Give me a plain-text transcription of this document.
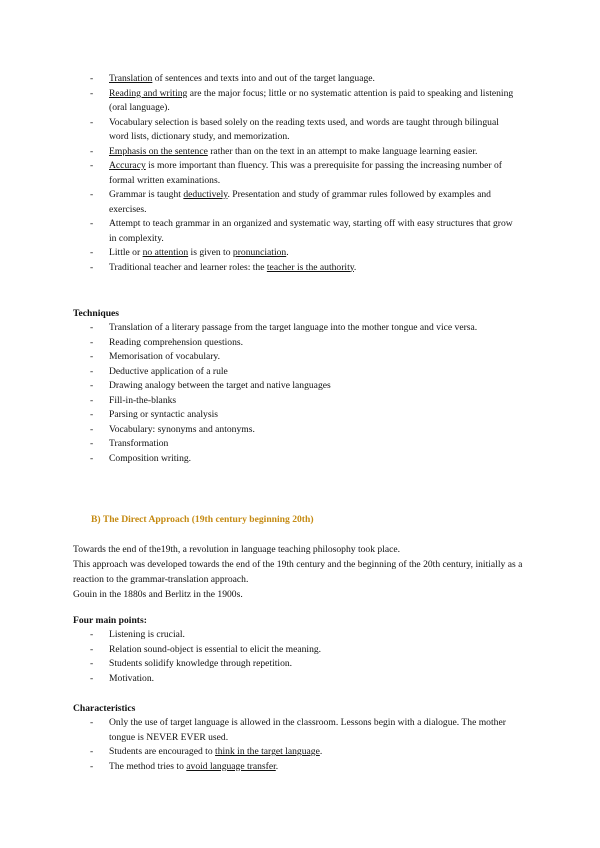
- Translation of sentences and texts into and out of the target language.
- Reading and writing are the major focus; little or no systematic attention is paid to speaking and listening (oral language).
- Vocabulary selection is based solely on the reading texts used, and words are taught through bilingual word lists, dictionary study, and memorization.
- Emphasis on the sentence rather than on the text in an attempt to make language learning easier.
- Accuracy is more important than fluency. This was a prerequisite for passing the increasing number of formal written examinations.
- Grammar is taught deductively. Presentation and study of grammar rules followed by examples and exercises.
- Attempt to teach grammar in an organized and systematic way, starting off with easy structures that grow in complexity.
- Little or no attention is given to pronunciation.
- Traditional teacher and learner roles: the teacher is the authority.

Techniques

- Translation of a literary passage from the target language into the mother tongue and vice versa.
- Reading comprehension questions.
- Memorisation of vocabulary.
- Deductive application of a rule
- Drawing analogy between the target and native languages
- Fill-in-the-blanks
- Parsing or syntactic analysis
- Vocabulary: synonyms and antonyms.
- Transformation
- Composition writing.

B) The Direct Approach (19th century beginning 20th)

Towards the end of the19th, a revolution in language teaching philosophy took place.
This approach was developed towards the end of the 19th century and the beginning of the 20th century, initially as a reaction to the grammar-translation approach.
Gouin in the 1880s and Berlitz in the 1900s.

Four main points:

- Listening is crucial.
- Relation sound-object is essential to elicit the meaning.
- Students solidify knowledge through repetition.
- Motivation.

Characteristics

- Only the use of target language is allowed in the classroom. Lessons begin with a dialogue. The mother tongue is NEVER EVER used.
- Students are encouraged to think in the target language.
- The method tries to avoid language transfer.
